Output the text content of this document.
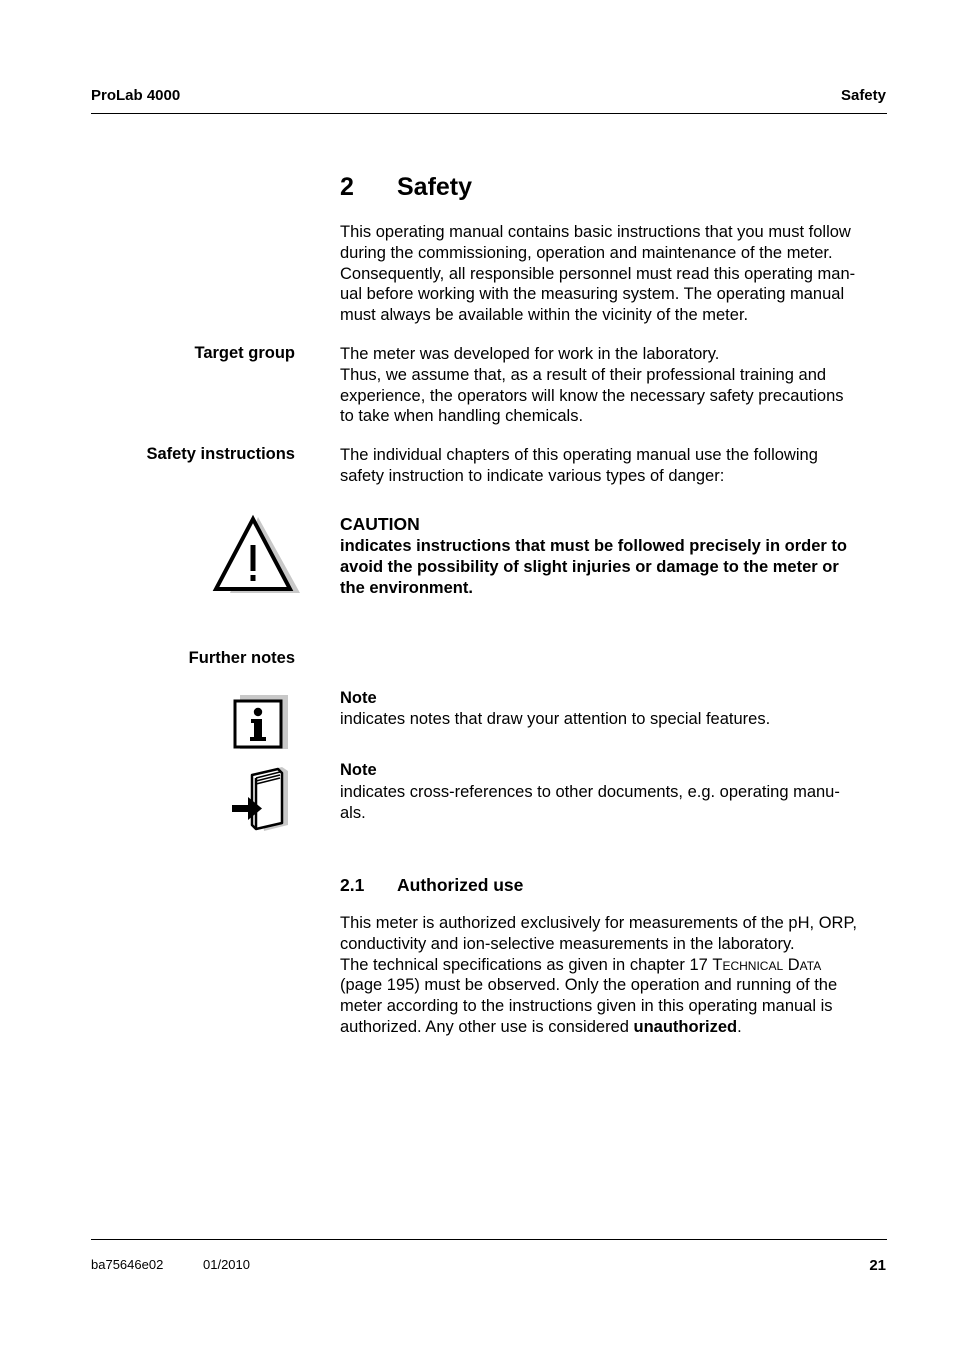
ProLab 4000	Safety
2 Safety
This operating manual contains basic instructions that you must follow
during the commissioning, operation and maintenance of the meter.
Consequently, all responsible personnel must read this operating man-
ual before working with the measuring system. The operating manual
must always be available within the vicinity of the meter.
Target group	The meter was developed for work in the laboratory.
Thus, we assume that, as a result of their professional training and
experience, the operators will know the necessary safety precautions
to take when handling chemicals.
Safety instructions	The individual chapters of this operating manual use the following
safety instruction to indicate various types of danger:
CAUTION
indicates instructions that must be followed precisely in order to
avoid the possibility of slight injuries or damage to the meter or
the environment.
Further notes
Note
indicates notes that draw your attention to special features.
Note
indicates cross-references to other documents, e.g. operating manu-
als.
2.1 Authorized use
This meter is authorized exclusively for measurements of the pH, ORP,
conductivity and ion-selective measurements in the laboratory.
The technical specifications as given in chapter 17 Technical Data
(page 195) must be observed. Only the operation and running of the
meter according to the instructions given in this operating manual is
authorized. Any other use is considered unauthorized.
ba75646e02	01/2010	21
